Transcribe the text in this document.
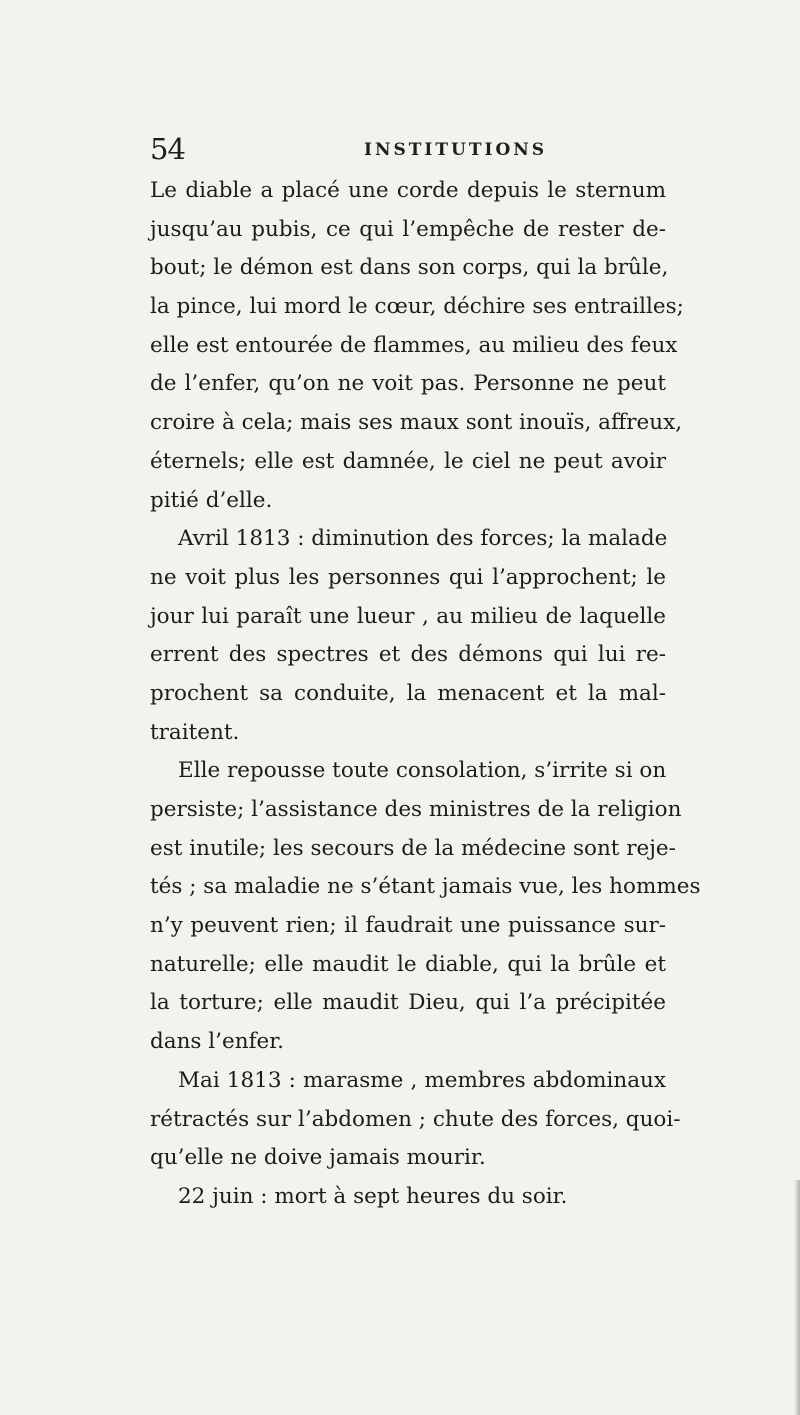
54	INSTITUTIONS
Le diable a placé une corde depuis le sternum
jusqu’au pubis, ce qui l’empêche de rester de-
bout; le démon est dans son corps, qui la brûle,
la pince, lui mord le cœur, déchire ses entrailles;
elle est entourée de flammes, au milieu des feux
de l’enfer, qu’on ne voit pas. Personne ne peut
croire à cela; mais ses maux sont inouïs, affreux,
éternels; elle est damnée, le ciel ne peut avoir
pitié d’elle.
Avril 1813 : diminution des forces; la malade
ne voit plus les personnes qui l’approchent; le
jour lui paraît une lueur , au milieu de laquelle
errent des spectres et des démons qui lui re-
prochent sa conduite, la menacent et la mal-
traitent.
Elle repousse toute consolation, s’irrite si on
persiste; l’assistance des ministres de la religion
est inutile; les secours de la médecine sont reje-
tés ; sa maladie ne s’étant jamais vue, les hommes
n’y peuvent rien; il faudrait une puissance sur-
naturelle; elle maudit le diable, qui la brûle et
la torture; elle maudit Dieu, qui l’a précipitée
dans l’enfer.
Mai 1813 : marasme , membres abdominaux
rétractés sur l’abdomen ; chute des forces, quoi-
qu’elle ne doive jamais mourir.
22 juin : mort à sept heures du soir.
